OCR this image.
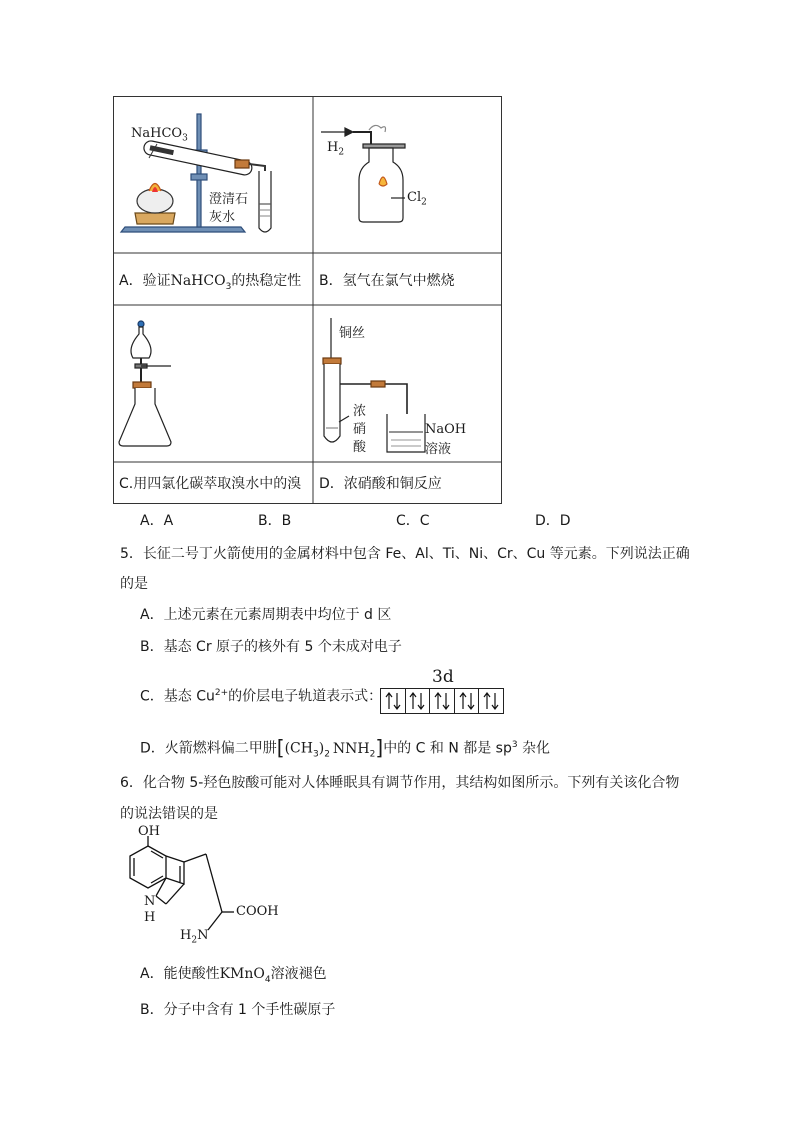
NaHCO$_3$
澄清石
灰水
$H_2$
$Cl_2$
铜丝
浓
硝
酸
NaOH
溶液
A．验证NaHCO$_3$的热稳定性 B．氢气在氯气中燃烧
C.用四氯化碳萃取溴水中的溴 D．浓硝酸和铜反应
A．A	B．B	C．C	D．D
5．长征二号丁火箭使用的金属材料中包含 Fe、Al、Ti、Ni、Cr、Cu 等元素。下列说法正确
的是
A．上述元素在元素周期表中均位于 d 区
B．基态 Cr 原子的核外有 5 个未成对电子
C．基态 $Cu^{2+}$的价层电子轨道表示式：
3d
D．火箭燃料偏二甲肼[$(CH_3)_2$ $NNH_2$]中的 C 和 N 都是 $sp^3$ 杂化
6．化合物 5-羟色胺酸可能对人体睡眠具有调节作用，其结构如图所示。下列有关该化合物
的说法错误的是
OH
N
H	COOH
$H_2N$
A．能使酸性KMnO$_4$溶液褪色
B．分子中含有 1 个手性碳原子
